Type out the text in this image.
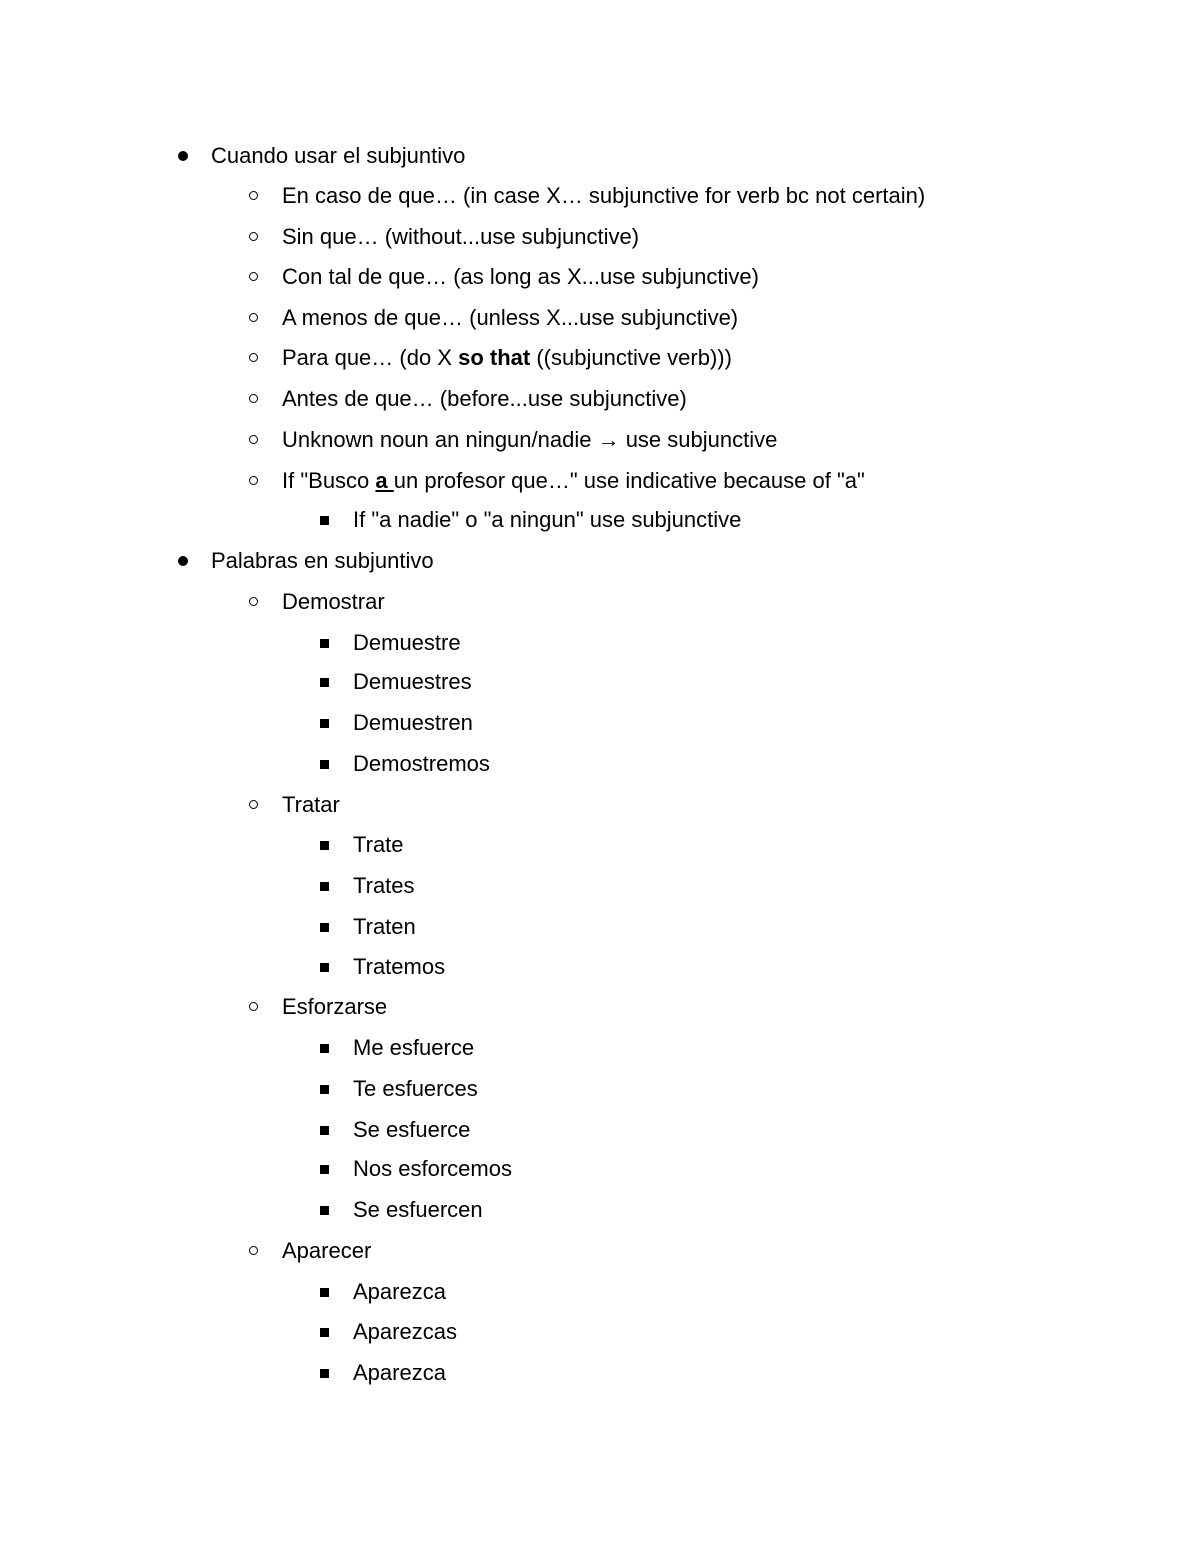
Cuando usar el subjuntivo
En caso de que… (in case X… subjunctive for verb bc not certain)
Sin que… (without...use subjunctive)
Con tal de que… (as long as X...use subjunctive)
A menos de que… (unless X...use subjunctive)
Para que… (do X so that ((subjunctive verb)))
Antes de que… (before...use subjunctive)
Unknown noun an ningun/nadie → use subjunctive
If "Busco a un profesor que…" use indicative because of "a"
If "a nadie" o "a ningun" use subjunctive
Palabras en subjuntivo
Demostrar
Demuestre
Demuestres
Demuestren
Demostremos
Tratar
Trate
Trates
Traten
Tratemos
Esforzarse
Me esfuerce
Te esfuerces
Se esfuerce
Nos esforcemos
Se esfuercen
Aparecer
Aparezca
Aparezcas
Aparezca
